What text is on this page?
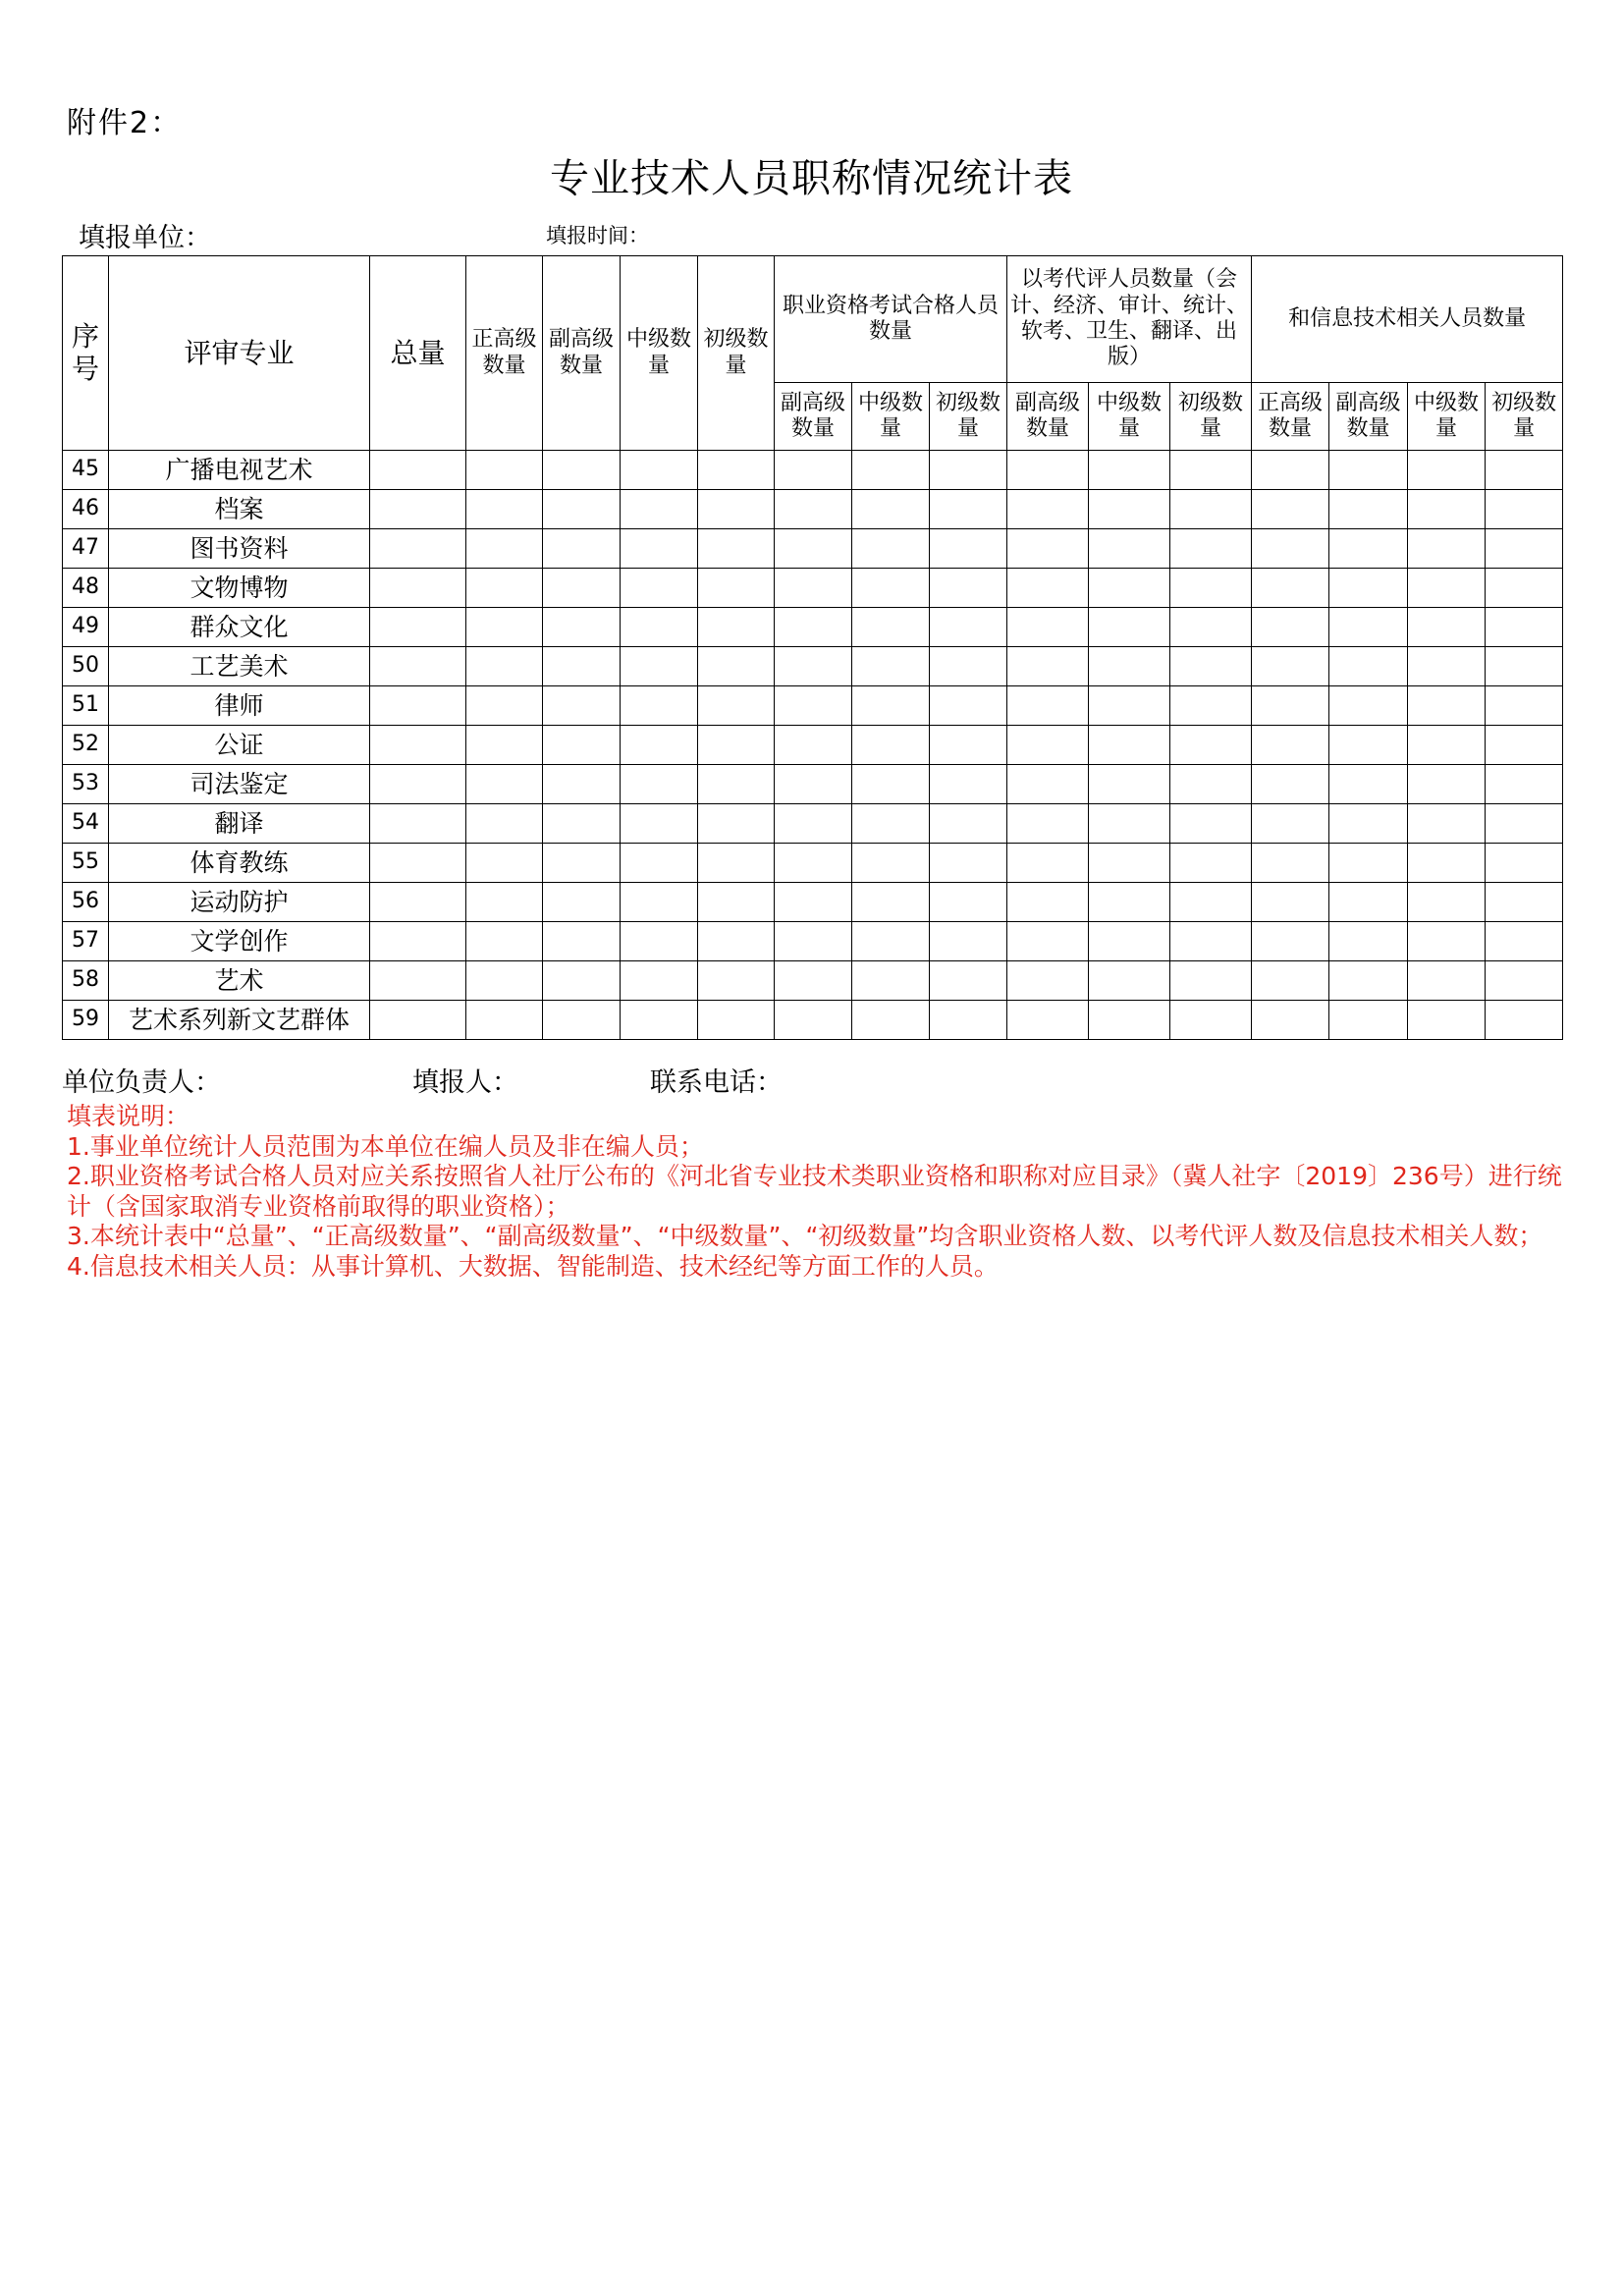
附件2：
专业技术人员职称情况统计表
填报单位：	填报时间：
序号	评审专业	总量	正高级数量	副高级数量	中级数量	初级数量	职业资格考试合格人员数量			以考代评人员数量（会计、经济、审计、统计、软考、卫生、翻译、出版）			和信息技术相关人员数量			
							副高级数量	中级数量	初级数量	副高级数量	中级数量	初级数量	正高级数量	副高级数量	中级数量	初级数量
45	广播电视艺术															
46	档案															
47	图书资料															
48	文物博物															
49	群众文化															
50	工艺美术															
51	律师															
52	公证															
53	司法鉴定															
54	翻译															
55	体育教练															
56	运动防护															
57	文学创作															
58	艺术															
59	艺术系列新文艺群体															
单位负责人：	填报人：	联系电话：
填表说明：
1.事业单位统计人员范围为本单位在编人员及非在编人员；
2.职业资格考试合格人员对应关系按照省人社厅公布的《河北省专业技术类职业资格和职称对应目录》（冀人社字〔2019〕236号）进行统计（含国家取消专业资格前取得的职业资格）；
3.本统计表中“总量”、“正高级数量”、“副高级数量”、“中级数量”、“初级数量”均含职业资格人数、以考代评人数及信息技术相关人数；
4.信息技术相关人员：从事计算机、大数据、智能制造、技术经纪等方面工作的人员。
